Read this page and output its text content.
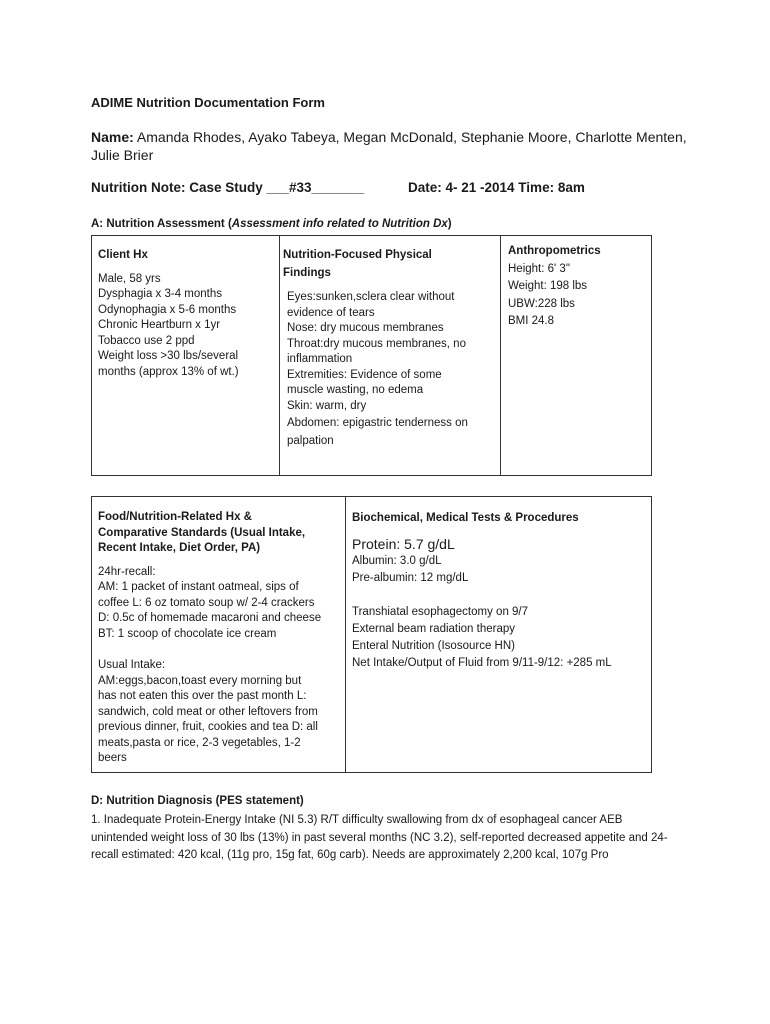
ADIME Nutrition Documentation Form
Name: Amanda Rhodes, Ayako Tabeya, Megan McDonald, Stephanie Moore, Charlotte Menten, Julie Brier
Nutrition Note: Case Study ___#33_______	Date: 4- 21 -2014 Time: 8am
A: Nutrition Assessment (Assessment info related to Nutrition Dx)
Client Hx
Male, 58 yrs
Dysphagia x 3-4 months
Odynophagia x 5-6 months
Chronic Heartburn x 1yr
Tobacco use 2 ppd
Weight loss >30 lbs/several
months (approx 13% of wt.)
Nutrition-Focused Physical
Findings
Eyes:sunken,sclera clear without
evidence of tears
Nose: dry mucous membranes
Throat:dry mucous membranes, no
inflammation
Extremities: Evidence of some
muscle wasting, no edema
Skin: warm, dry
Abdomen: epigastric tenderness on
palpation
Anthropometrics
Height: 6' 3"
Weight: 198 lbs
UBW:228 lbs
BMI 24.8
Food/Nutrition-Related Hx &
Comparative Standards (Usual Intake,
Recent Intake, Diet Order, PA)
24hr-recall:
AM: 1 packet of instant oatmeal, sips of
coffee L: 6 oz tomato soup w/ 2-4 crackers
D: 0.5c of homemade macaroni and cheese
BT: 1 scoop of chocolate ice cream
Usual Intake:
AM:eggs,bacon,toast every morning but
has not eaten this over the past month L:
sandwich, cold meat or other leftovers from
previous dinner, fruit, cookies and tea D: all
meats,pasta or rice, 2-3 vegetables, 1-2
beers
Biochemical, Medical Tests & Procedures
Protein: 5.7 g/dL
Albumin: 3.0 g/dL
Pre-albumin: 12 mg/dL
Transhiatal esophagectomy on 9/7
External beam radiation therapy
Enteral Nutrition (Isosource HN)
Net Intake/Output of Fluid from 9/11-9/12: +285 mL
D: Nutrition Diagnosis (PES statement)
1. Inadequate Protein-Energy Intake (NI 5.3) R/T difficulty swallowing from dx of esophageal cancer AEB unintended weight loss of 30 lbs (13%) in past several months (NC 3.2), self-reported decreased appetite and 24-recall estimated: 420 kcal, (11g pro, 15g fat, 60g carb). Needs are approximately 2,200 kcal, 107g Pro
